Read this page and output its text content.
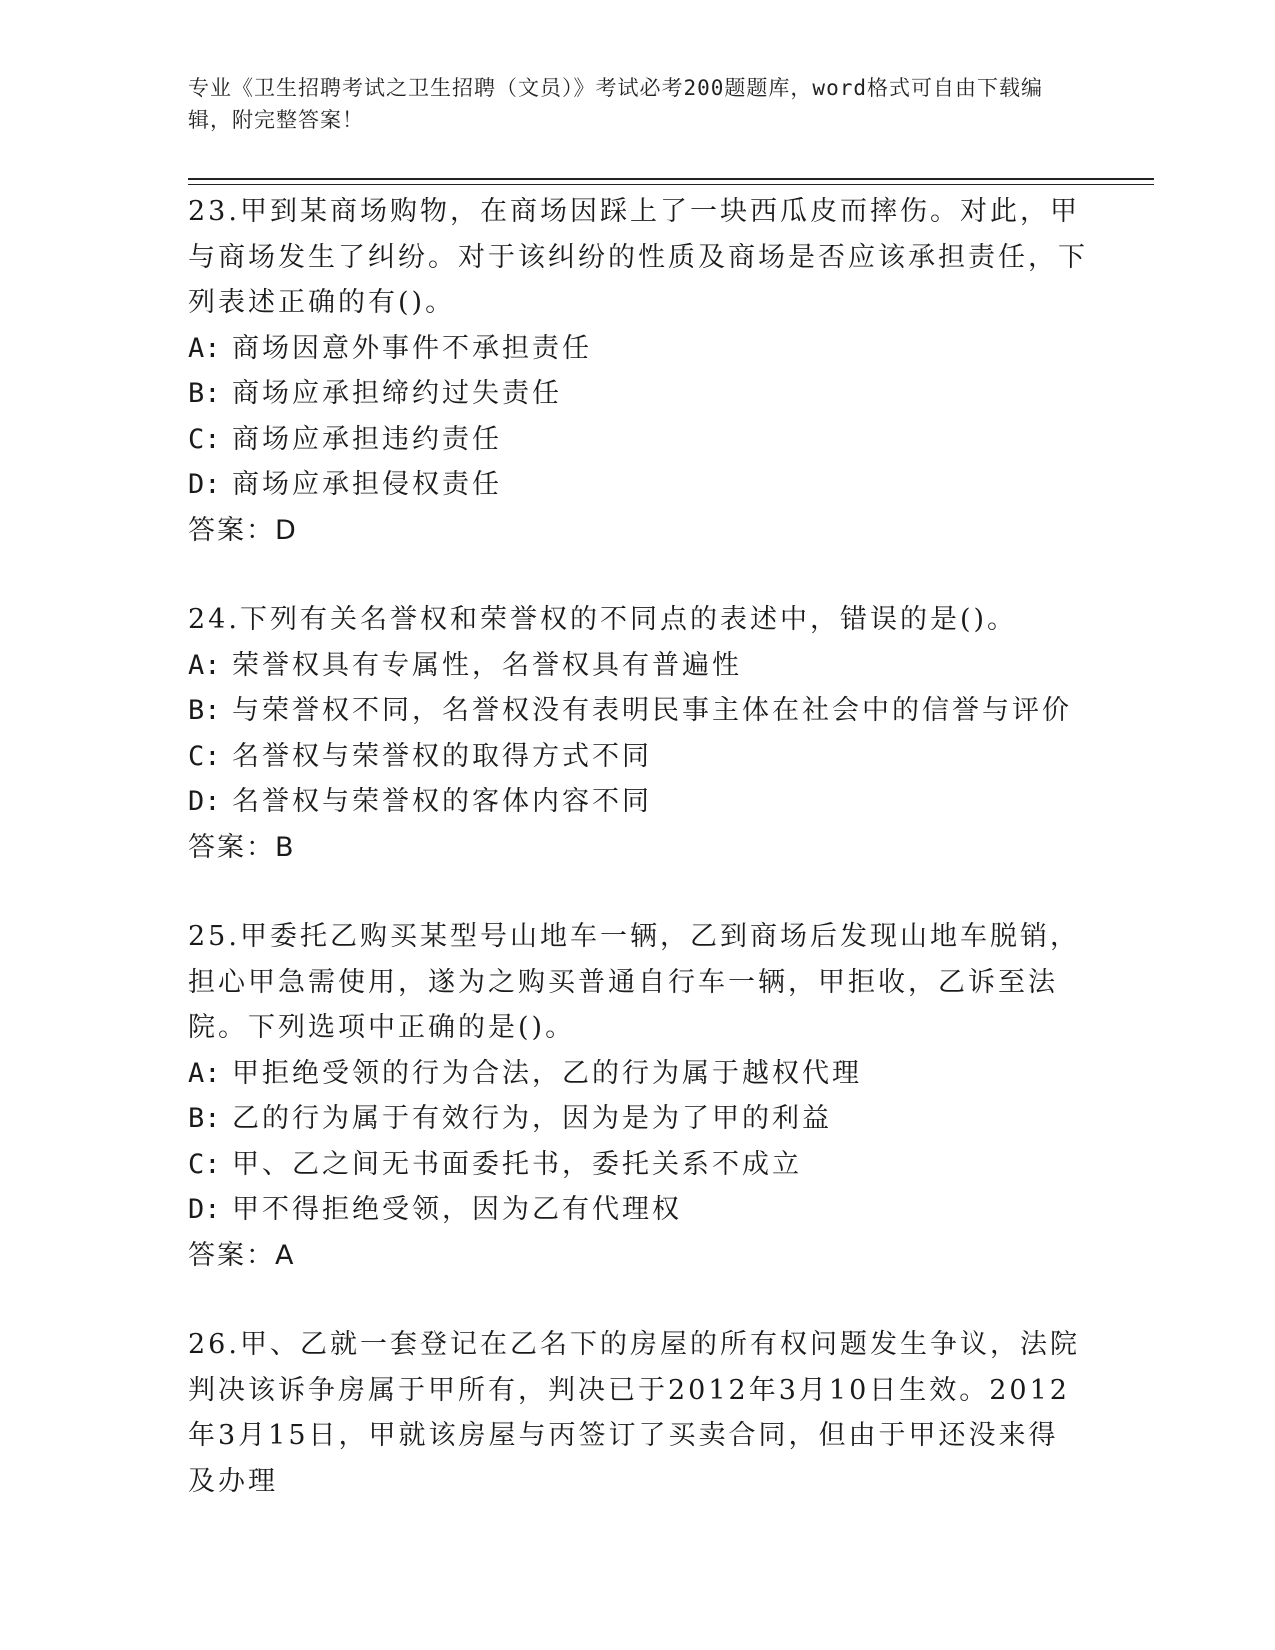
专业《卫生招聘考试之卫生招聘（文员）》考试必考200题题库，word格式可自由下载编辑，附完整答案！
23.甲到某商场购物，在商场因踩上了一块西瓜皮而摔伤。对此，甲与商场发生了纠纷。对于该纠纷的性质及商场是否应该承担责任，下列表述正确的有()。
A: 商场因意外事件不承担责任
B: 商场应承担缔约过失责任
C: 商场应承担违约责任
D: 商场应承担侵权责任
答案：D
24.下列有关名誉权和荣誉权的不同点的表述中，错误的是()。
A: 荣誉权具有专属性，名誉权具有普遍性
B: 与荣誉权不同，名誉权没有表明民事主体在社会中的信誉与评价
C: 名誉权与荣誉权的取得方式不同
D: 名誉权与荣誉权的客体内容不同
答案：B
25.甲委托乙购买某型号山地车一辆，乙到商场后发现山地车脱销，担心甲急需使用，遂为之购买普通自行车一辆，甲拒收，乙诉至法院。下列选项中正确的是()。
A: 甲拒绝受领的行为合法，乙的行为属于越权代理
B: 乙的行为属于有效行为，因为是为了甲的利益
C: 甲、乙之间无书面委托书，委托关系不成立
D: 甲不得拒绝受领，因为乙有代理权
答案：A
26.甲、乙就一套登记在乙名下的房屋的所有权问题发生争议，法院判决该诉争房属于甲所有，判决已于2012年3月10日生效。2012年3月15日，甲就该房屋与丙签订了买卖合同，但由于甲还没来得及办理
